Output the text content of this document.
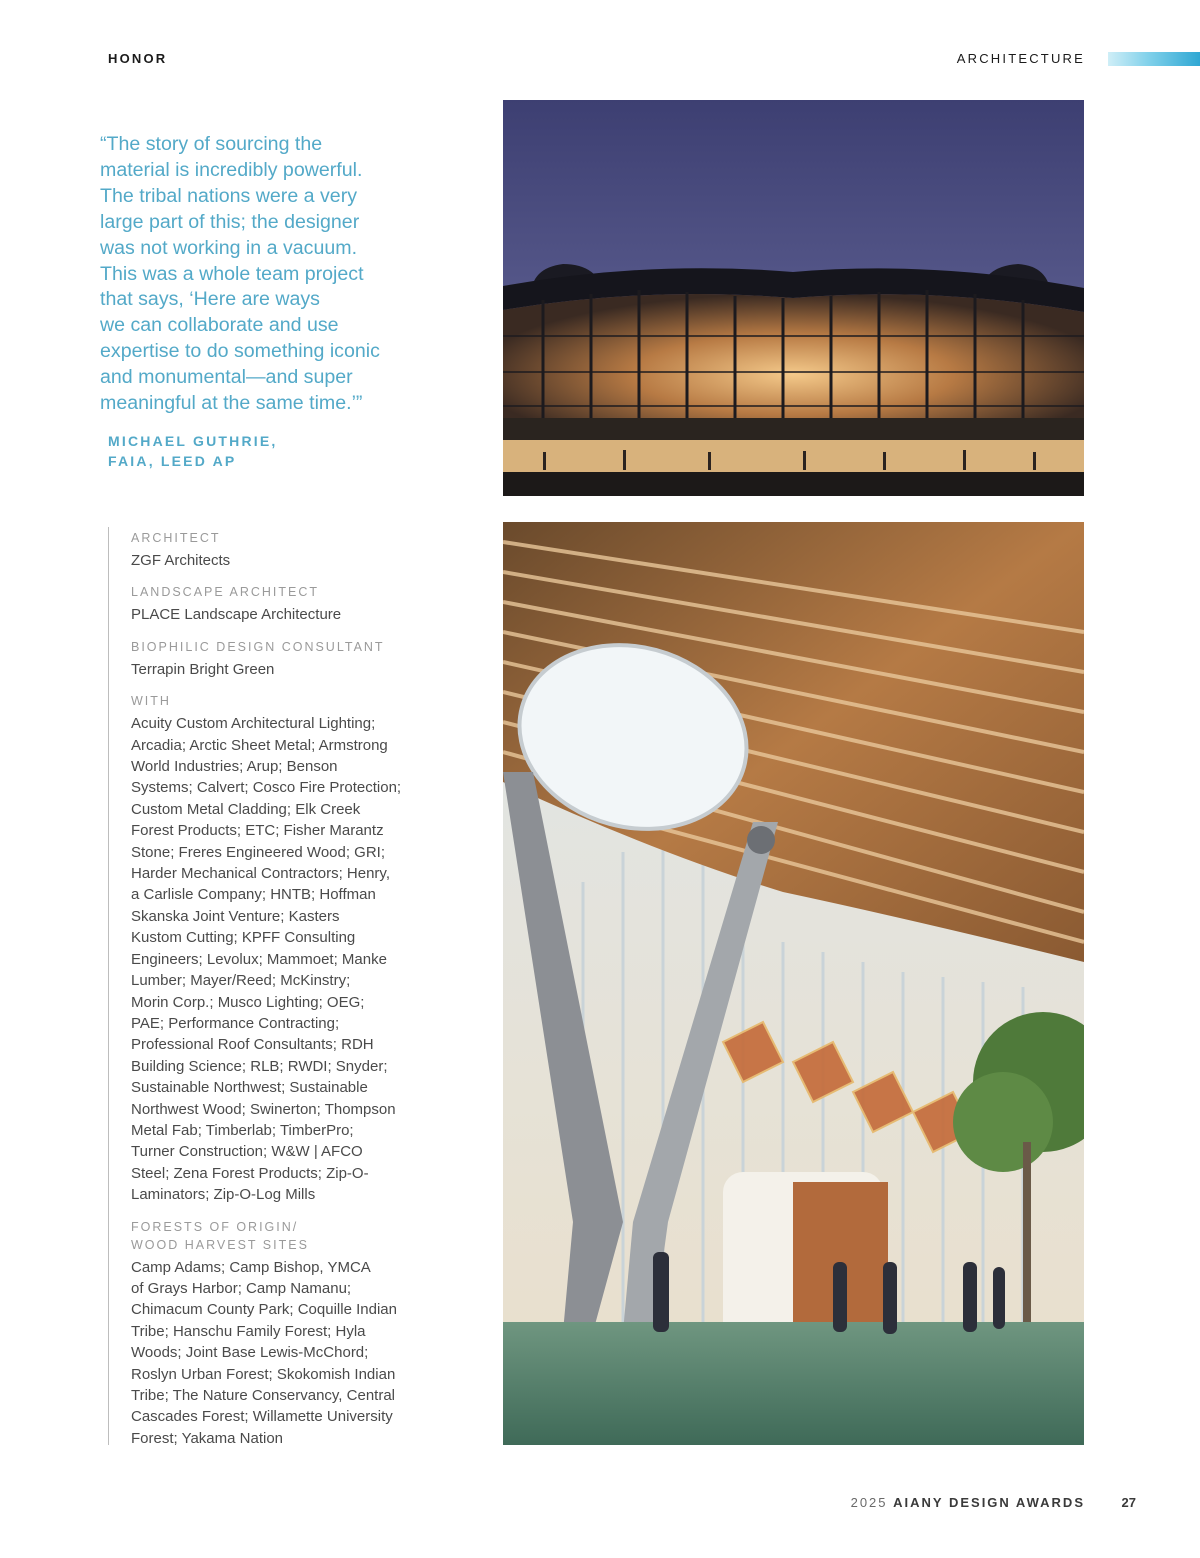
HONOR	ARCHITECTURE
“The story of sourcing the
material is incredibly powerful.
The tribal nations were a very
large part of this; the designer
was not working in a vacuum.
This was a whole team project
that says, ‘Here are ways
we can collaborate and use
expertise to do something iconic
and monumental—and super
meaningful at the same time.’”
MICHAEL GUTHRIE,
FAIA, LEED AP
ARCHITECT
ZGF Architects
LANDSCAPE ARCHITECT
PLACE Landscape Architecture
BIOPHILIC DESIGN CONSULTANT
Terrapin Bright Green
WITH
Acuity Custom Architectural Lighting;
Arcadia; Arctic Sheet Metal; Armstrong
World Industries; Arup; Benson
Systems; Calvert; Cosco Fire Protection;
Custom Metal Cladding; Elk Creek
Forest Products; ETC; Fisher Marantz
Stone; Freres Engineered Wood; GRI;
Harder Mechanical Contractors; Henry,
a Carlisle Company; HNTB; Hoffman
Skanska Joint Venture; Kasters
Kustom Cutting; KPFF Consulting
Engineers; Levolux; Mammoet; Manke
Lumber; Mayer/Reed; McKinstry;
Morin Corp.; Musco Lighting; OEG;
PAE; Performance Contracting;
Professional Roof Consultants; RDH
Building Science; RLB; RWDI; Snyder;
Sustainable Northwest; Sustainable
Northwest Wood; Swinerton; Thompson
Metal Fab; Timberlab; TimberPro;
Turner Construction; W&W | AFCO
Steel; Zena Forest Products; Zip-O-
Laminators; Zip-O-Log Mills
FORESTS OF ORIGIN/
WOOD HARVEST SITES
Camp Adams; Camp Bishop, YMCA
of Grays Harbor; Camp Namanu;
Chimacum County Park; Coquille Indian
Tribe; Hanschu Family Forest; Hyla
Woods; Joint Base Lewis-McChord;
Roslyn Urban Forest; Skokomish Indian
Tribe; The Nature Conservancy, Central
Cascades Forest; Willamette University
Forest; Yakama Nation
2025 AIANY DESIGN AWARDS	27
